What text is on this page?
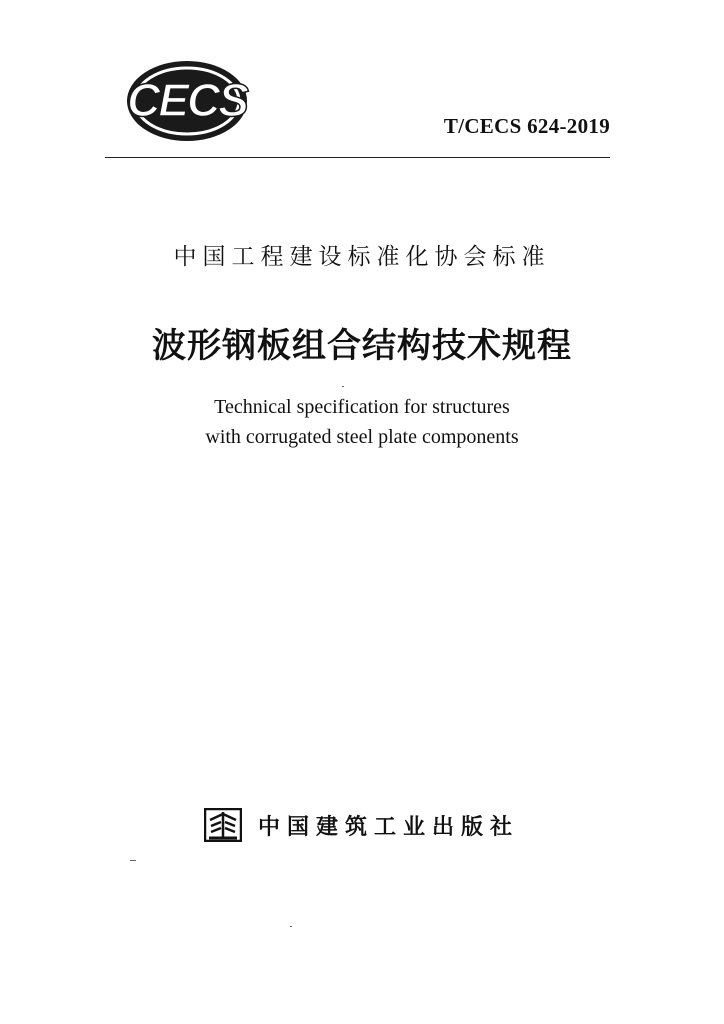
CECS	T/CECS 624-2019
中国工程建设标准化协会标准
波形钢板组合结构技术规程
Technical specification for structures
with corrugated steel plate components
中国建筑工业出版社
